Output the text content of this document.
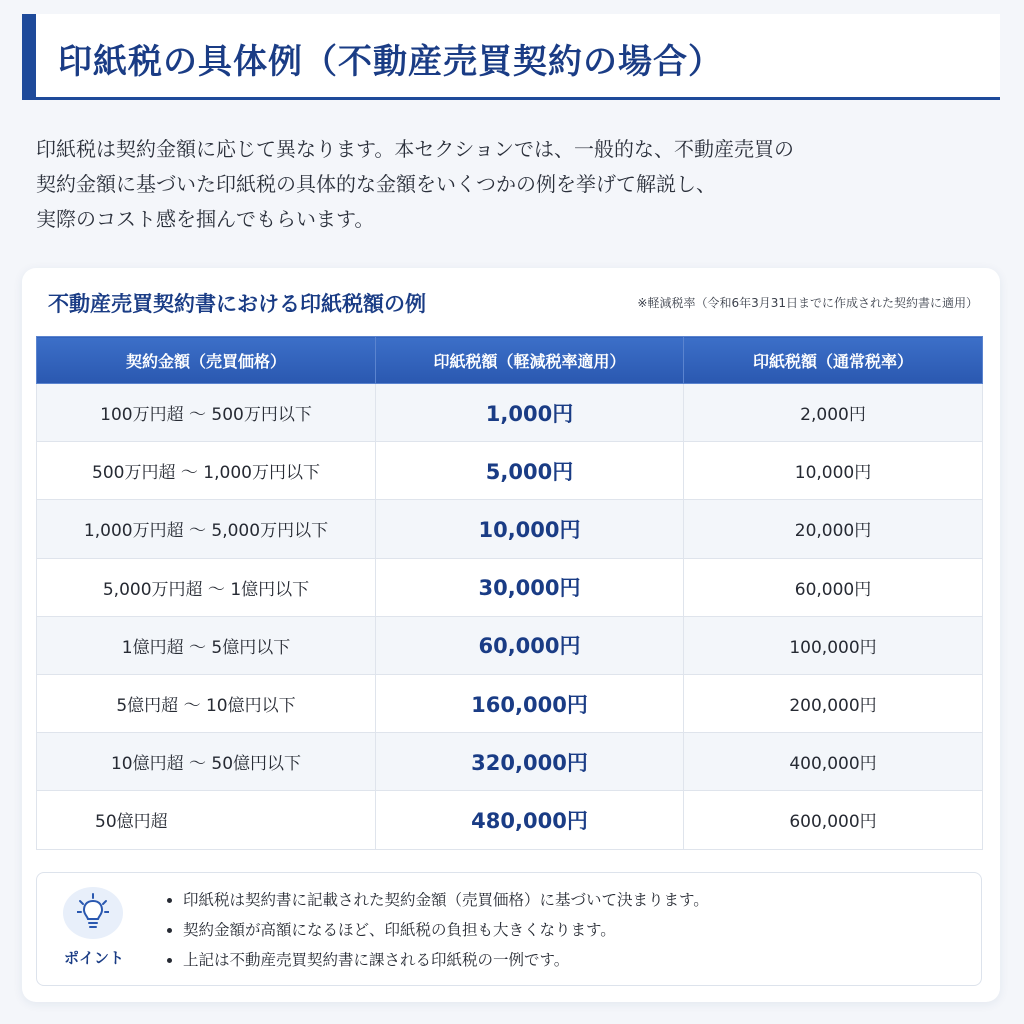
印紙税の具体例（不動産売買契約の場合）

印紙税は契約金額に応じて異なります。本セクションでは、一般的な、不動産売買の

契約金額に基づいた印紙税の具体的な金額をいくつかの例を挙げて解説し、

実際のコスト感を掴んでもらいます。

不動産売買契約書における印紙税額の例	※軽減税率（令和6年3月31日までに作成された契約書に適用）
契約金額（売買価格）	印紙税額（軽減税率適用）	印紙税額（通常税率）
100万円超 ～ 500万円以下	1,000円	2,000円
500万円超 ～ 1,000万円以下	5,000円	10,000円
1,000万円超 ～ 5,000万円以下	10,000円	20,000円
5,000万円超 ～ 1億円以下	30,000円	60,000円
1億円超 ～ 5億円以下	60,000円	100,000円
5億円超 ～ 10億円以下	160,000円	200,000円
10億円超 ～ 50億円以下	320,000円	400,000円
50億円超	480,000円	600,000円
ポイント
印紙税は契約書に記載された契約金額（売買価格）に基づいて決まります。
契約金額が高額になるほど、印紙税の負担も大きくなります。
上記は不動産売買契約書に課される印紙税の一例です。
